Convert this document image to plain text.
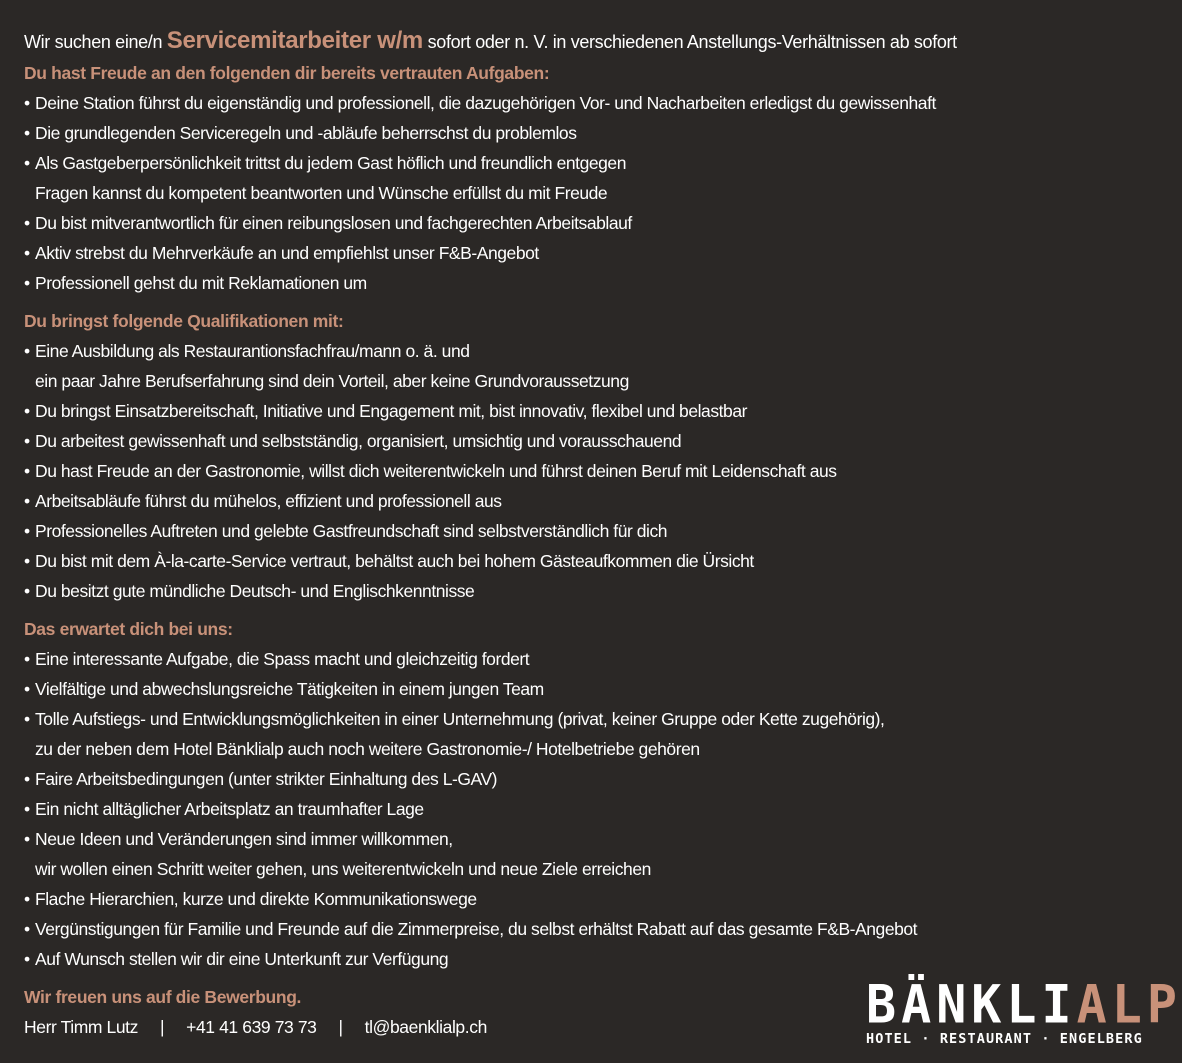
Wir suchen eine/n Servicemitarbeiter w/m sofort oder n. V. in verschiedenen Anstellungs-Verhältnissen ab sofort
Du hast Freude an den folgenden dir bereits vertrauten Aufgaben:
• Deine Station führst du eigenständig und professionell, die dazugehörigen Vor- und Nacharbeiten erledigst du gewissenhaft
• Die grundlegenden Serviceregeln und -abläufe beherrschst du problemlos
• Als Gastgeberpersönlichkeit trittst du jedem Gast höflich und freundlich entgegen
Fragen kannst du kompetent beantworten und Wünsche erfüllst du mit Freude
• Du bist mitverantwortlich für einen reibungslosen und fachgerechten Arbeitsablauf
• Aktiv strebst du Mehrverkäufe an und empfiehlst unser F&B-Angebot
• Professionell gehst du mit Reklamationen um
Du bringst folgende Qualifikationen mit:
• Eine Ausbildung als Restaurantionsfachfrau/mann o. ä. und
ein paar Jahre Berufserfahrung sind dein Vorteil, aber keine Grundvoraussetzung
• Du bringst Einsatzbereitschaft, Initiative und Engagement mit, bist innovativ, flexibel und belastbar
• Du arbeitest gewissenhaft und selbstständig, organisiert, umsichtig und vorausschauend
• Du hast Freude an der Gastronomie, willst dich weiterentwickeln und führst deinen Beruf mit Leidenschaft aus
• Arbeitsabläufe führst du mühelos, effizient und professionell aus
• Professionelles Auftreten und gelebte Gastfreundschaft sind selbstverständlich für dich
• Du bist mit dem À-la-carte-Service vertraut, behältst auch bei hohem Gästeaufkommen die Ürsicht
• Du besitzt gute mündliche Deutsch- und Englischkenntnisse
Das erwartet dich bei uns:
• Eine interessante Aufgabe, die Spass macht und gleichzeitig fordert
• Vielfältige und abwechslungsreiche Tätigkeiten in einem jungen Team
• Tolle Aufstiegs- und Entwicklungsmöglichkeiten in einer Unternehmung (privat, keiner Gruppe oder Kette zugehörig),
zu der neben dem Hotel Bänklialp auch noch weitere Gastronomie-/ Hotelbetriebe gehören
• Faire Arbeitsbedingungen (unter strikter Einhaltung des L-GAV)
• Ein nicht alltäglicher Arbeitsplatz an traumhafter Lage
• Neue Ideen und Veränderungen sind immer willkommen,
wir wollen einen Schritt weiter gehen, uns weiterentwickeln und neue Ziele erreichen
• Flache Hierarchien, kurze und direkte Kommunikationswege
• Vergünstigungen für Familie und Freunde auf die Zimmerpreise, du selbst erhältst Rabatt auf das gesamte F&B-Angebot
• Auf Wunsch stellen wir dir eine Unterkunft zur Verfügung
Wir freuen uns auf die Bewerbung.
Herr Timm Lutz | +41 41 639 73 73 | tl@baenklialp.ch	BÄNKLIALP
HOTEL · RESTAURANT · ENGELBERG
